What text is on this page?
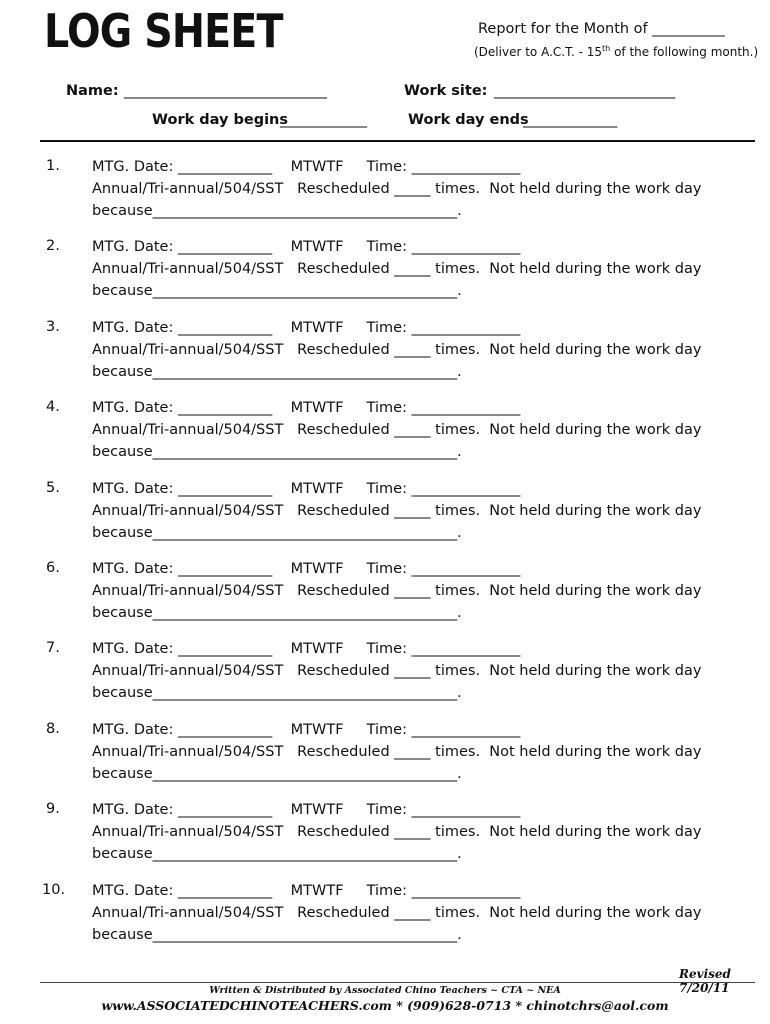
LOG SHEET	Report for the Month of __________
(Deliver to A.C.T. - 15th of the following month.)
Name: ____________________________	Work site: _________________________
Work day begins
____________	Work day ends
_____________
1. MTG. Date: _____________    MTWTF     Time: _______________
Annual/Tri-annual/504/SST   Rescheduled _____ times.  Not held during the work day
because__________________________________________.
2. MTG. Date: _____________    MTWTF     Time: _______________
Annual/Tri-annual/504/SST   Rescheduled _____ times.  Not held during the work day
because__________________________________________.
3. MTG. Date: _____________    MTWTF     Time: _______________
Annual/Tri-annual/504/SST   Rescheduled _____ times.  Not held during the work day
because__________________________________________.
4. MTG. Date: _____________    MTWTF     Time: _______________
Annual/Tri-annual/504/SST   Rescheduled _____ times.  Not held during the work day
because__________________________________________.
5. MTG. Date: _____________    MTWTF     Time: _______________
Annual/Tri-annual/504/SST   Rescheduled _____ times.  Not held during the work day
because__________________________________________.
6. MTG. Date: _____________    MTWTF     Time: _______________
Annual/Tri-annual/504/SST   Rescheduled _____ times.  Not held during the work day
because__________________________________________.
7. MTG. Date: _____________    MTWTF     Time: _______________
Annual/Tri-annual/504/SST   Rescheduled _____ times.  Not held during the work day
because__________________________________________.
8. MTG. Date: _____________    MTWTF     Time: _______________
Annual/Tri-annual/504/SST   Rescheduled _____ times.  Not held during the work day
because__________________________________________.
9. MTG. Date: _____________    MTWTF     Time: _______________
Annual/Tri-annual/504/SST   Rescheduled _____ times.  Not held during the work day
because__________________________________________.
10. MTG. Date: _____________    MTWTF     Time: _______________
Annual/Tri-annual/504/SST   Rescheduled _____ times.  Not held during the work day
because__________________________________________.
Revised 7/20/11
Written & Distributed by Associated Chino Teachers ~ CTA ~ NEA
www.ASSOCIATEDCHINOTEACHERS.com * (909)628-0713 * chinotchrs@aol.com
